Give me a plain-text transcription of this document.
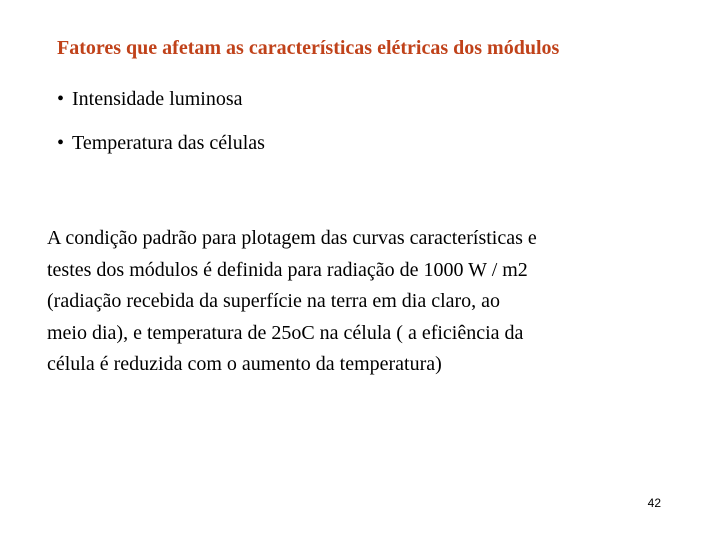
Fatores que afetam as características elétricas dos módulos
• Intensidade luminosa
• Temperatura das células
A condição padrão para plotagem das curvas características e
testes dos módulos é definida para radiação de 1000 W / m2
(radiação recebida da superfície na terra em dia claro, ao
meio dia), e temperatura de 25oC na célula ( a eficiência da
célula é reduzida com o aumento da temperatura)
42
